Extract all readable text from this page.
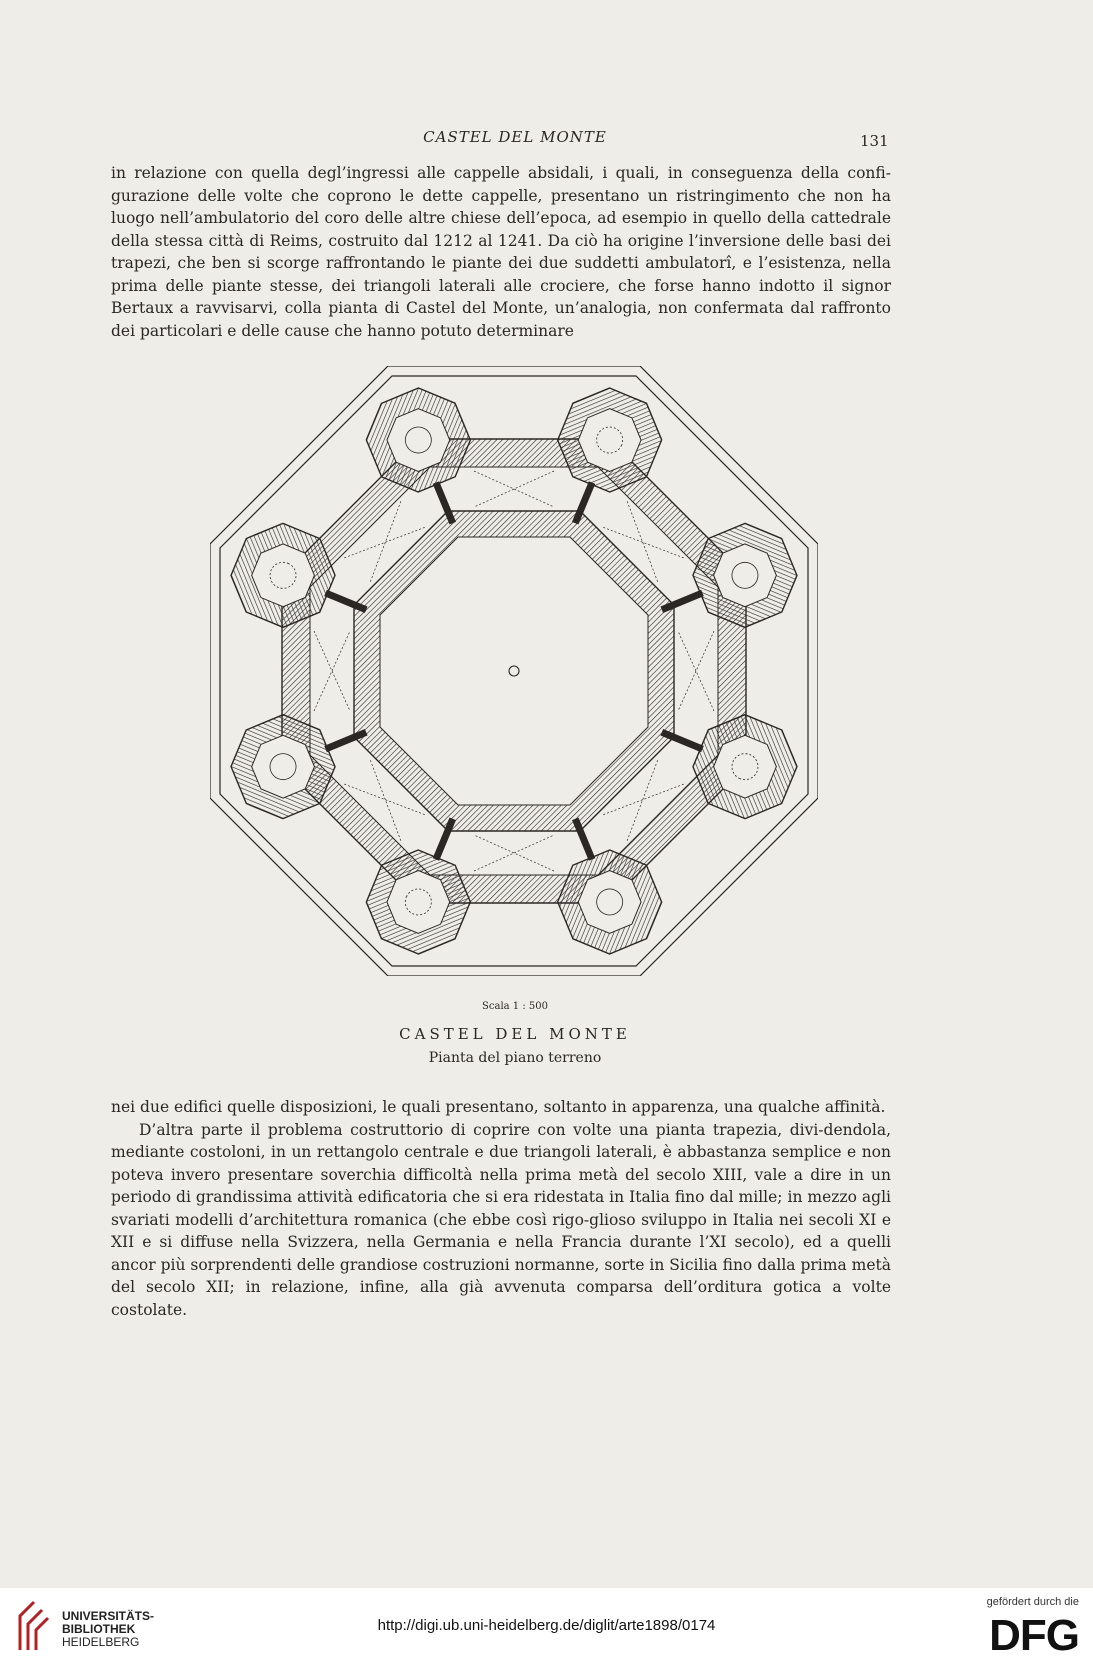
CASTEL DEL MONTE	131

in relazione con quella degl’ingressi alle cappelle absidali, i quali, in conseguenza della confi-gurazione delle volte che coprono le dette cappelle, presentano un ristringimento che non ha luogo nell’ambulatorio del coro delle altre chiese dell’epoca, ad esempio in quello della cattedrale della stessa città di Reims, costruito dal 1212 al 1241. Da ciò ha origine l’inversione delle basi dei trapezi, che ben si scorge raffrontando le piante dei due suddetti ambulatorî, e l’esistenza, nella prima delle piante stesse, dei triangoli laterali alle crociere, che forse hanno indotto il signor Bertaux a ravvisarvi, colla pianta di Castel del Monte, un’analogia, non confermata dal raffronto dei particolari e delle cause che hanno potuto determinare

Scala 1 : 500
CASTEL DEL MONTE
Pianta del piano terreno

nei due edifici quelle disposizioni, le quali presentano, soltanto in apparenza, una qualche affinità.

D’altra parte il problema costruttorio di coprire con volte una pianta trapezia, divi-dendola, mediante costoloni, in un rettangolo centrale e due triangoli laterali, è abbastanza semplice e non poteva invero presentare soverchia difficoltà nella prima metà del secolo XIII, vale a dire in un periodo di grandissima attività edificatoria che si era ridestata in Italia fino dal mille; in mezzo agli svariati modelli d’architettura romanica (che ebbe così rigo-glioso sviluppo in Italia nei secoli XI e XII e si diffuse nella Svizzera, nella Germania e nella Francia durante l’XI secolo), ed a quelli ancor più sorprendenti delle grandiose costruzioni normanne, sorte in Sicilia fino dalla prima metà del secolo XII; in relazione, infine, alla già avvenuta comparsa dell’orditura gotica a volte costolate.

UNIVERSITÄTS-
BIBLIOTHEK
HEIDELBERG
http://digi.ub.uni-heidelberg.de/diglit/arte1898/0174
gefördert durch die
DFG
